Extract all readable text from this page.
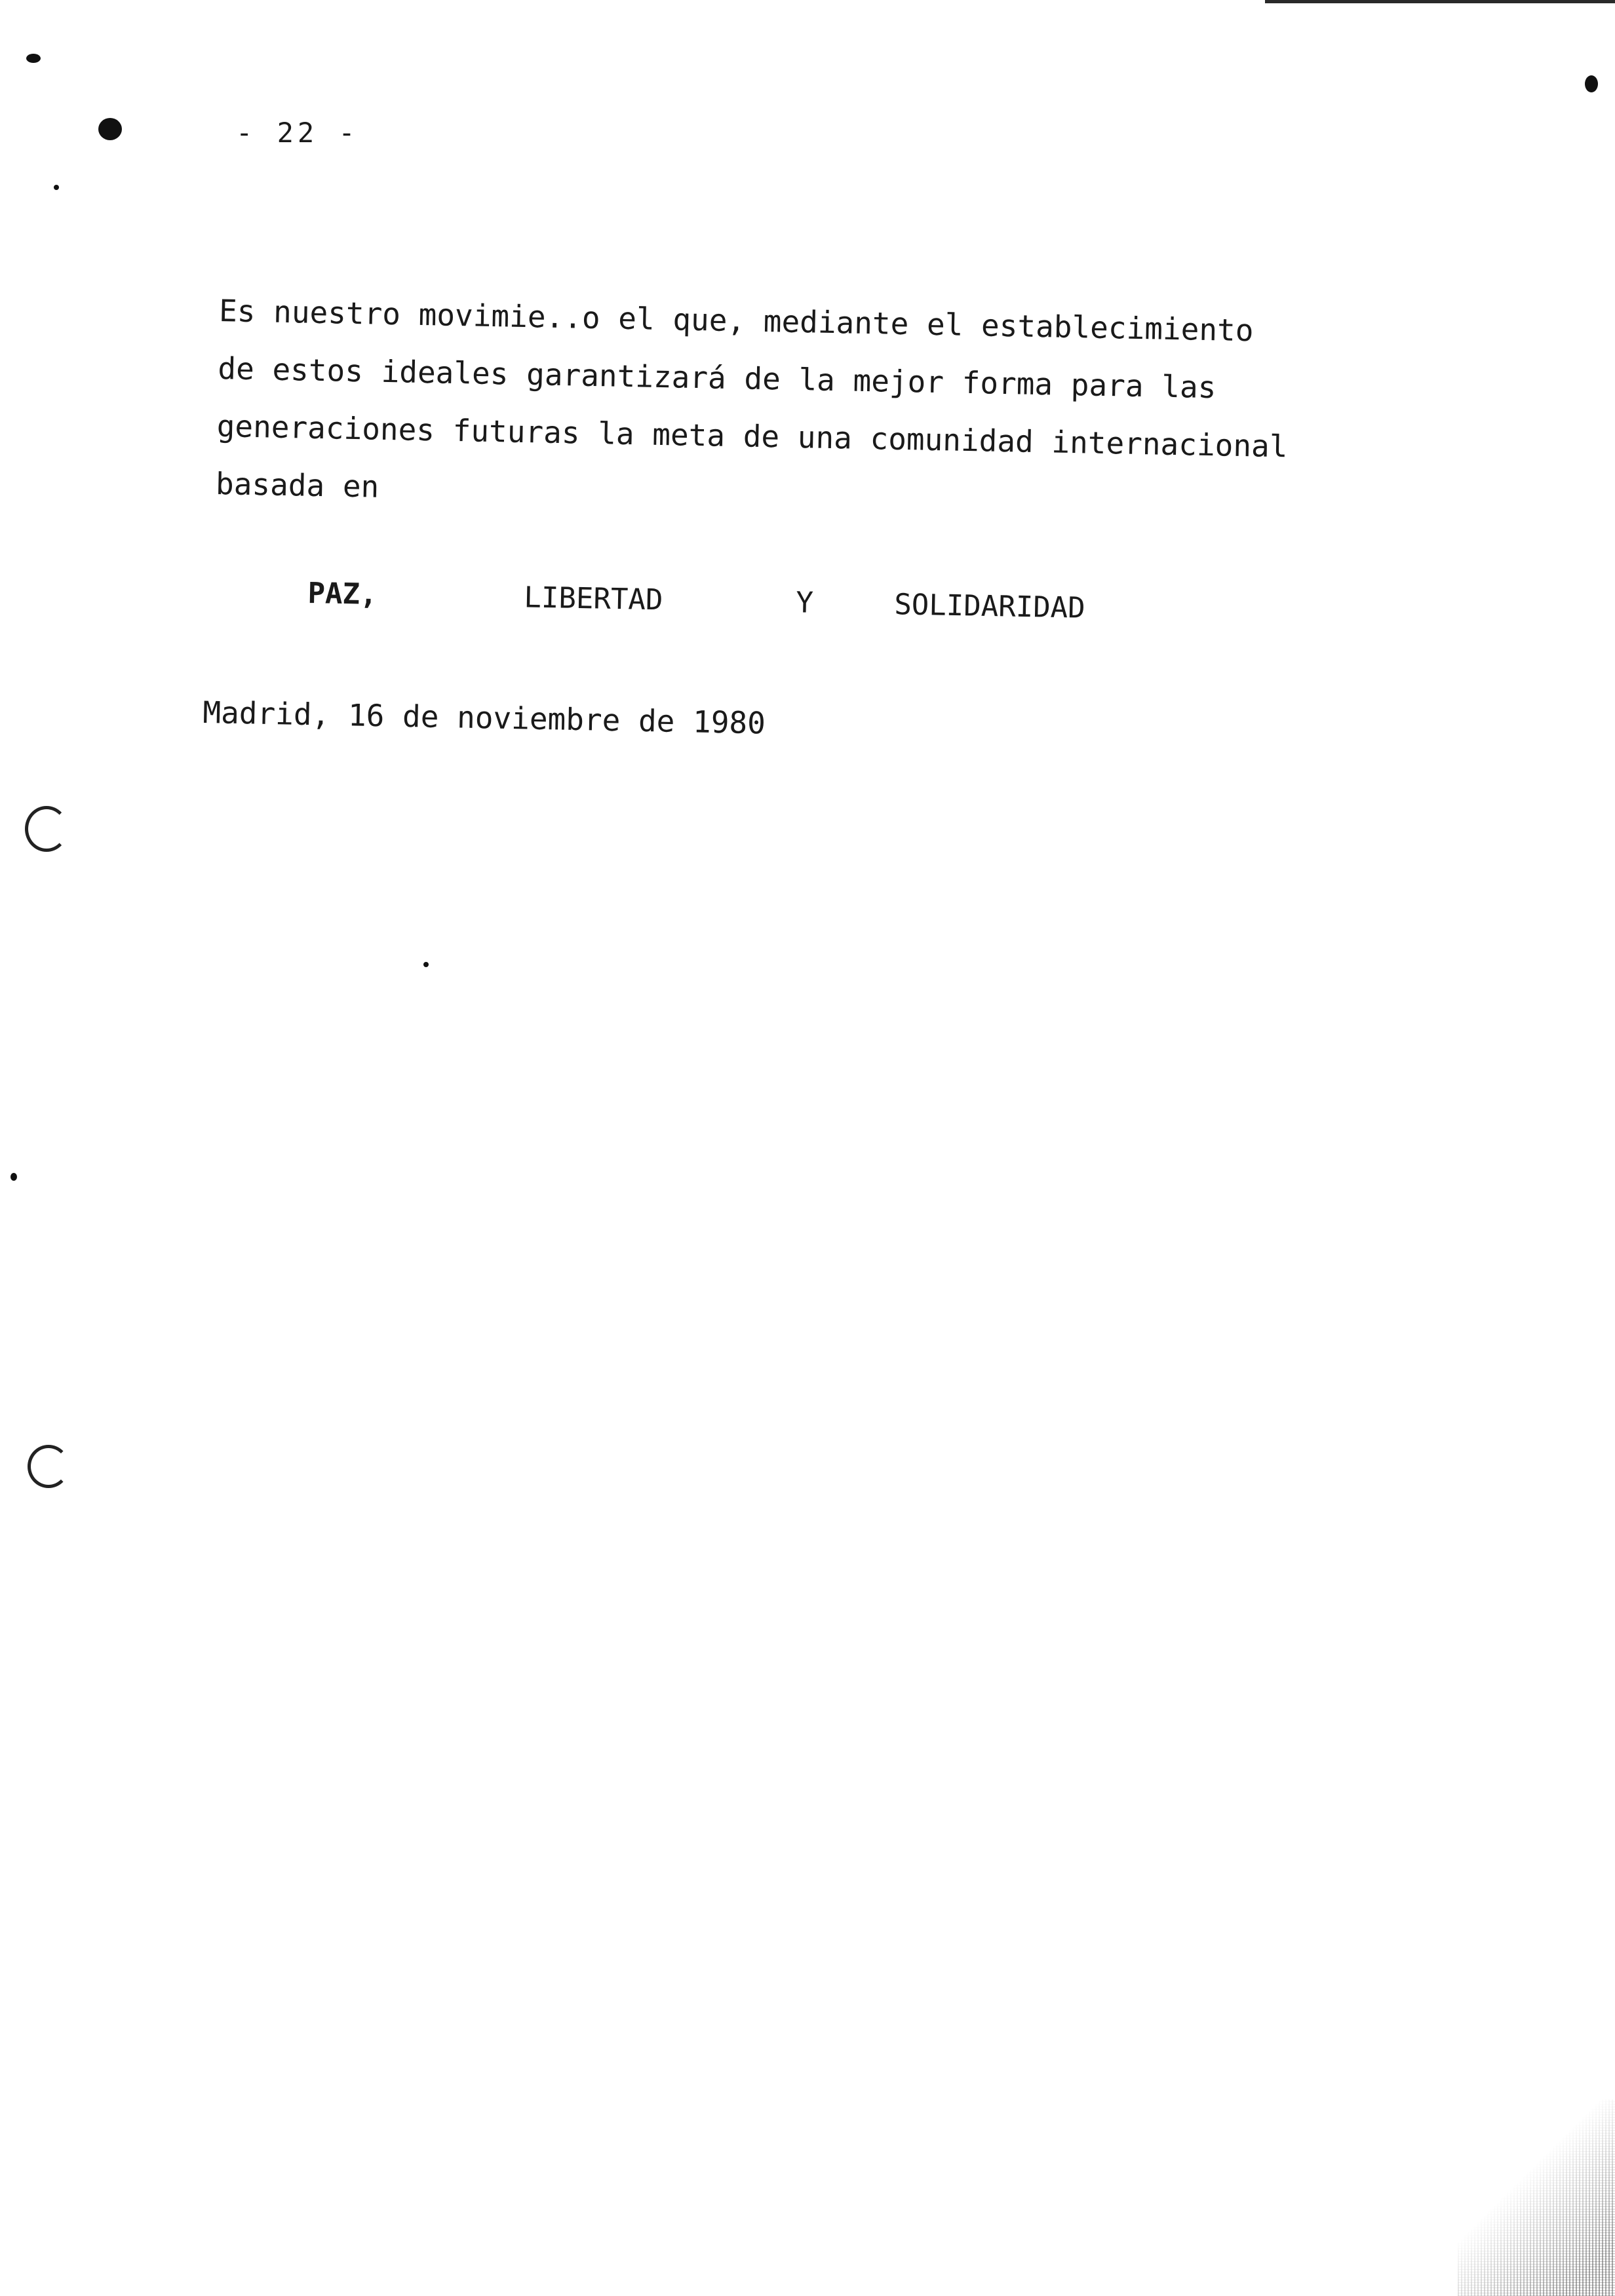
- 22 -
Es nuestro movimie..o el que, mediante el establecimiento
de estos ideales garantizará de la mejor forma para las
generaciones futuras la meta de una comunidad internacional
basada en
PAZ,	LIBERTAD	Y	SOLIDARIDAD
Madrid, 16 de noviembre de 1980
